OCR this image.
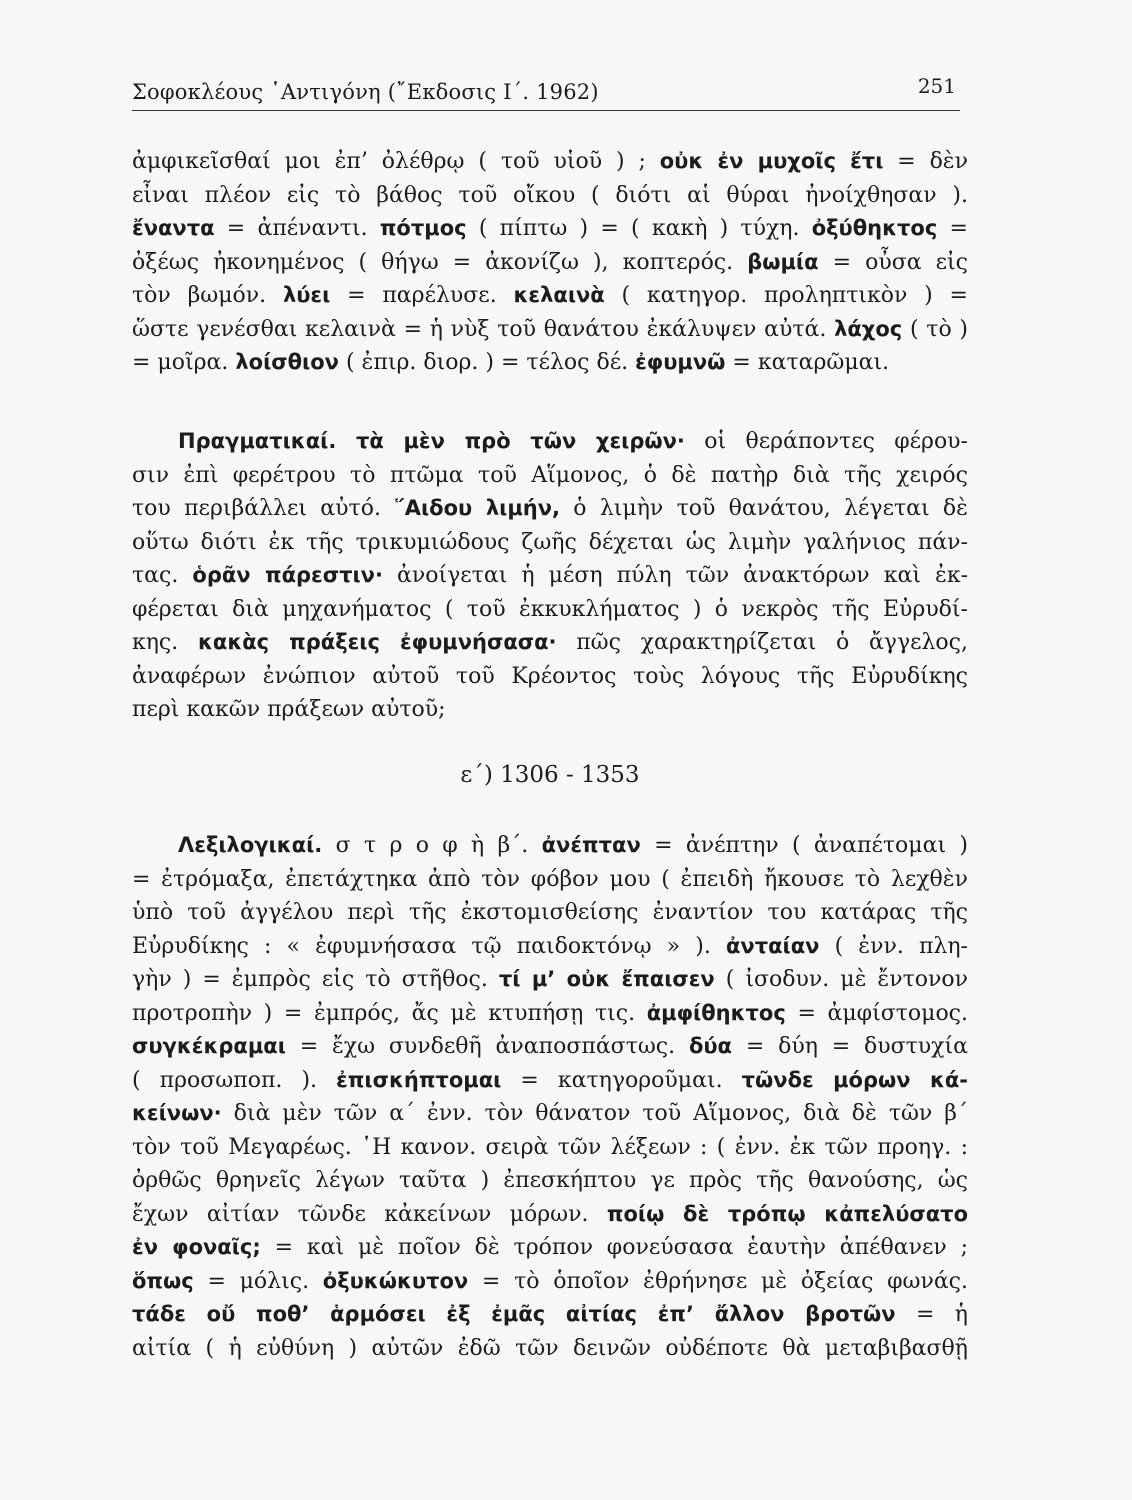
Σοφοκλέους ῾Αντιγόνη (῎Εκδοσις Ι΄. 1962)	251
ἀμφικεῖσθαί μοι ἐπ’ ὀλέθρῳ ( τοῦ υἱοῦ ) ; οὐκ ἐν μυχοῖς ἔτι = δὲν
εἶναι πλέον εἰς τὸ βάθος τοῦ οἴκου ( διότι αἱ θύραι ἠνοίχθησαν ).
ἔναντα = ἀπέναντι. πότμος ( πίπτω ) = ( κακὴ ) τύχη. ὀξύθηκτος =
ὀξέως ἠκονημένος ( θήγω = ἀκονίζω ), κοπτερός. βωμία = οὖσα εἰς
τὸν βωμόν. λύει = παρέλυσε. κελαινὰ ( κατηγορ. προληπτικὸν ) =
ὥστε γενέσθαι κελαινὰ = ἡ νὺξ τοῦ θανάτου ἐκάλυψεν αὐτά. λάχος ( τὸ )
= μοῖρα. λοίσθιον ( ἐπιρ. διορ. ) = τέλος δέ. ἐφυμνῶ = καταρῶμαι.
Πραγματικαί. τὰ μὲν πρὸ τῶν χειρῶν· οἱ θεράποντες φέρου-
σιν ἐπὶ φερέτρου τὸ πτῶμα τοῦ Αἵμονος, ὁ δὲ πατὴρ διὰ τῆς χειρός
του περιβάλλει αὐτό. ῞Αιδου λιμήν, ὁ λιμὴν τοῦ θανάτου, λέγεται δὲ
οὕτω διότι ἐκ τῆς τρικυμιώδους ζωῆς δέχεται ὡς λιμὴν γαλήνιος πάν-
τας. ὁρᾶν πάρεστιν· ἀνοίγεται ἡ μέση πύλη τῶν ἀνακτόρων καὶ ἐκ-
φέρεται διὰ μηχανήματος ( τοῦ ἐκκυκλήματος ) ὁ νεκρὸς τῆς Εὐρυδί-
κης. κακὰς πράξεις ἐφυμνήσασα· πῶς χαρακτηρίζεται ὁ ἄγγελος,
ἀναφέρων ἐνώπιον αὐτοῦ τοῦ Κρέοντος τοὺς λόγους τῆς Εὐρυδίκης
περὶ κακῶν πράξεων αὐτοῦ;
ε΄) 1306 - 1353
Λεξιλογικαί. σ τ ρ ο φ ὴ β΄. ἀνέπταν = ἀνέπτην ( ἀναπέτομαι )
= ἐτρόμαξα, ἐπετάχτηκα ἀπὸ τὸν φόβον μου ( ἐπειδὴ ἤκουσε τὸ λεχθὲν
ὑπὸ τοῦ ἀγγέλου περὶ τῆς ἐκστομισθείσης ἐναντίον του κατάρας τῆς
Εὐρυδίκης : « ἐφυμνήσασα τῷ παιδοκτόνῳ » ). ἀνταίαν ( ἐνν. πλη-
γὴν ) = ἐμπρὸς εἰς τὸ στῆθος. τί μ’ οὐκ ἔπαισεν ( ἰσοδυν. μὲ ἔντονον
προτροπὴν ) = ἐμπρός, ἄς μὲ κτυπήσῃ τις. ἀμφίθηκτος = ἀμφίστομος.
συγκέκραμαι = ἔχω συνδεθῆ ἀναποσπάστως. δύα = δύη = δυστυχία
( προσωποπ. ). ἐπισκήπτομαι = κατηγοροῦμαι. τῶνδε μόρων κά-
κείνων· διὰ μὲν τῶν α΄ ἐνν. τὸν θάνατον τοῦ Αἵμονος, διὰ δὲ τῶν β΄
τὸν τοῦ Μεγαρέως. ῾Η κανον. σειρὰ τῶν λέξεων : ( ἐνν. ἐκ τῶν προηγ. :
ὀρθῶς θρηνεῖς λέγων ταῦτα ) ἐπεσκήπτου γε πρὸς τῆς θανούσης, ὡς
ἔχων αἰτίαν τῶνδε κἀκείνων μόρων. ποίῳ δὲ τρόπῳ κἀπελύσατο
ἐν φοναῖς; = καὶ μὲ ποῖον δὲ τρόπον φονεύσασα ἑαυτὴν ἀπέθανεν ;
ὅπως = μόλις. ὀξυκώκυτον = τὸ ὁποῖον ἐθρήνησε μὲ ὀξείας φωνάς.
τάδε οὔ ποθ’ ἁρμόσει ἐξ ἐμᾶς αἰτίας ἐπ’ ἄλλον βροτῶν = ἡ
αἰτία ( ἡ εὐθύνη ) αὐτῶν ἐδῶ τῶν δεινῶν οὐδέποτε θὰ μεταβιβασθῇ
